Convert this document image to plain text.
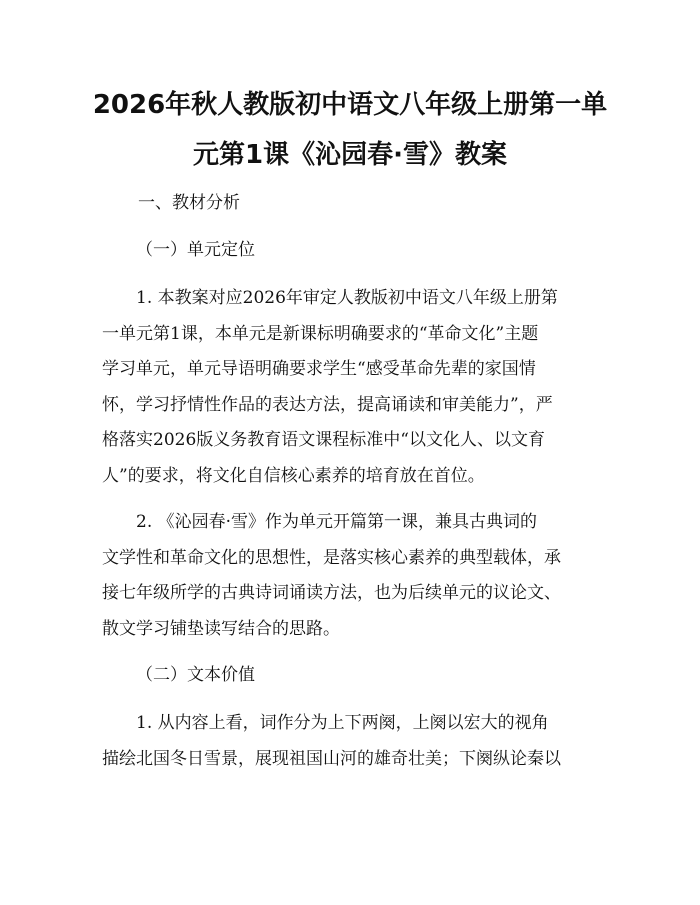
2026年秋人教版初中语文八年级上册第一单
元第1课《沁园春·雪》教案

一、教材分析

（一）单元定位

1. 本教案对应2026年审定人教版初中语文八年级上册第
一单元第1课，本单元是新课标明确要求的“革命文化”主题
学习单元，单元导语明确要求学生“感受革命先辈的家国情
怀，学习抒情性作品的表达方法，提高诵读和审美能力”，严
格落实2026版义务教育语文课程标准中“以文化人、以文育
人”的要求，将文化自信核心素养的培育放在首位。
2. 《沁园春·雪》作为单元开篇第一课，兼具古典词的
文学性和革命文化的思想性，是落实核心素养的典型载体，承
接七年级所学的古典诗词诵读方法，也为后续单元的议论文、
散文学习铺垫读写结合的思路。

（二）文本价值

1. 从内容上看，词作分为上下两阕，上阕以宏大的视角
描绘北国冬日雪景，展现祖国山河的雄奇壮美；下阕纵论秦以
